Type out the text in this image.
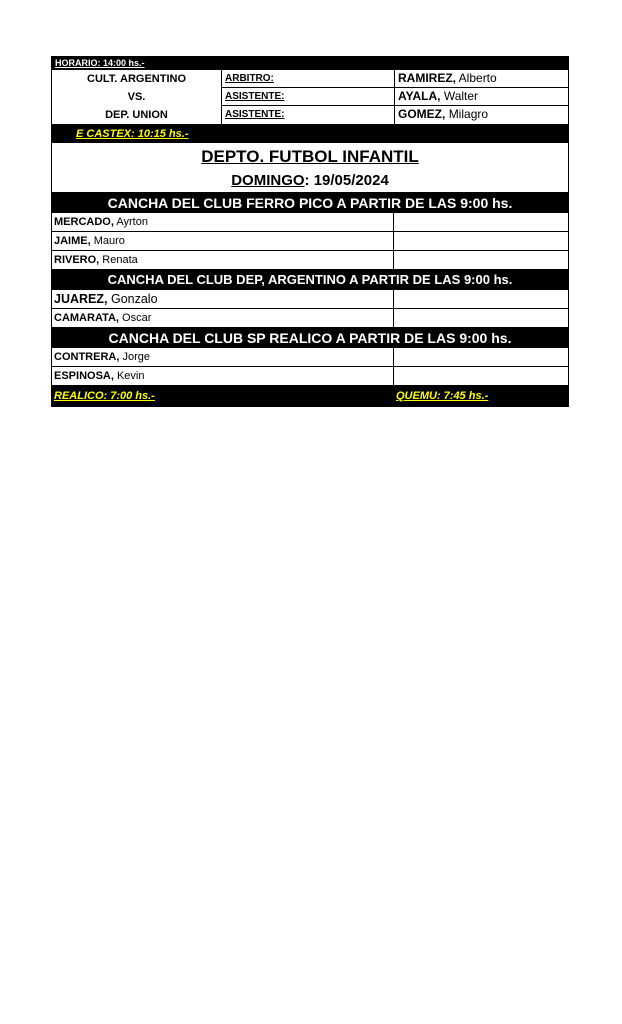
HORARIO: 14:00 hs.-
CULT. ARGENTINO
VS.
DEP. UNION
ARBITRO:	RAMIREZ, Alberto
ASISTENTE:	AYALA, Walter
ASISTENTE:	GOMEZ, Milagro
E CASTEX: 10:15 hs.-
DEPTO. FUTBOL INFANTIL
DOMINGO : 19/05/2024
CANCHA DEL CLUB FERRO PICO A PARTIR DE LAS 9:00 hs.
MERCADO, Ayrton
JAIME, Mauro
RIVERO, Renata
CANCHA DEL CLUB DEP, ARGENTINO A PARTIR DE LAS 9:00 hs.
JUAREZ, Gonzalo
CAMARATA, Oscar
CANCHA DEL CLUB SP REALICO A PARTIR DE LAS 9:00 hs.
CONTRERA, Jorge
ESPINOSA, Kevin
REALICO: 7:00 hs.-	QUEMU: 7:45 hs.-
